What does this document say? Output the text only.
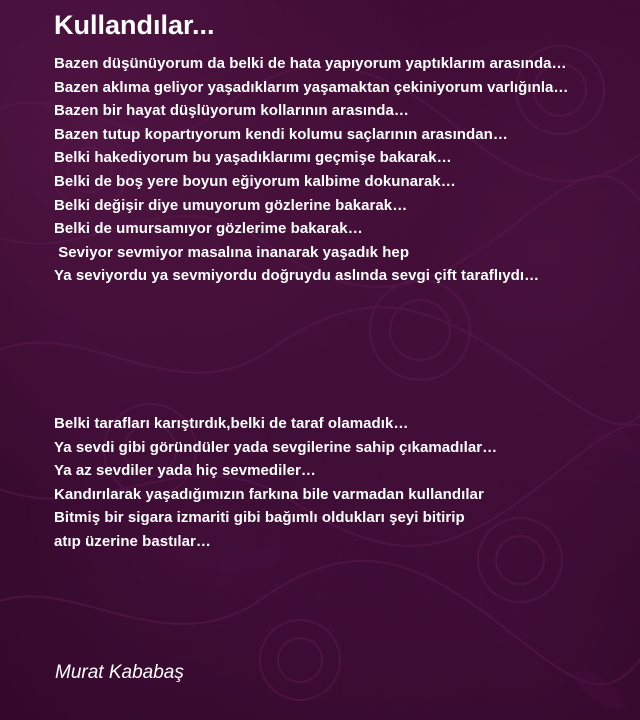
Kullandılar...
Bazen düşünüyorum da belki de hata yapıyorum yaptıklarım arasında…
Bazen aklıma geliyor yaşadıklarım yaşamaktan çekiniyorum varlığınla…
Bazen bir hayat düşlüyorum kollarının arasında…
Bazen tutup kopartıyorum kendi kolumu saçlarının arasından…
Belki hakediyorum bu yaşadıklarımı geçmişe bakarak…
Belki de boş yere boyun eğiyorum kalbime dokunarak…
Belki değişir diye umuyorum gözlerine bakarak…
Belki de umursamıyor gözlerime bakarak…
Seviyor sevmiyor masalına inanarak yaşadık hep
Ya seviyordu ya sevmiyordu doğruydu aslında sevgi çift taraflıydı…
Belki tarafları karıştırdık,belki de taraf olamadık…
Ya sevdi gibi göründüler yada sevgilerine sahip çıkamadılar…
Ya az sevdiler yada hiç sevmediler…
Kandırılarak yaşadığımızın farkına bile varmadan kullandılar
Bitmiş bir sigara izmariti gibi bağımlı oldukları şeyi bitirip
atıp üzerine bastılar…

Murat Kababaş
